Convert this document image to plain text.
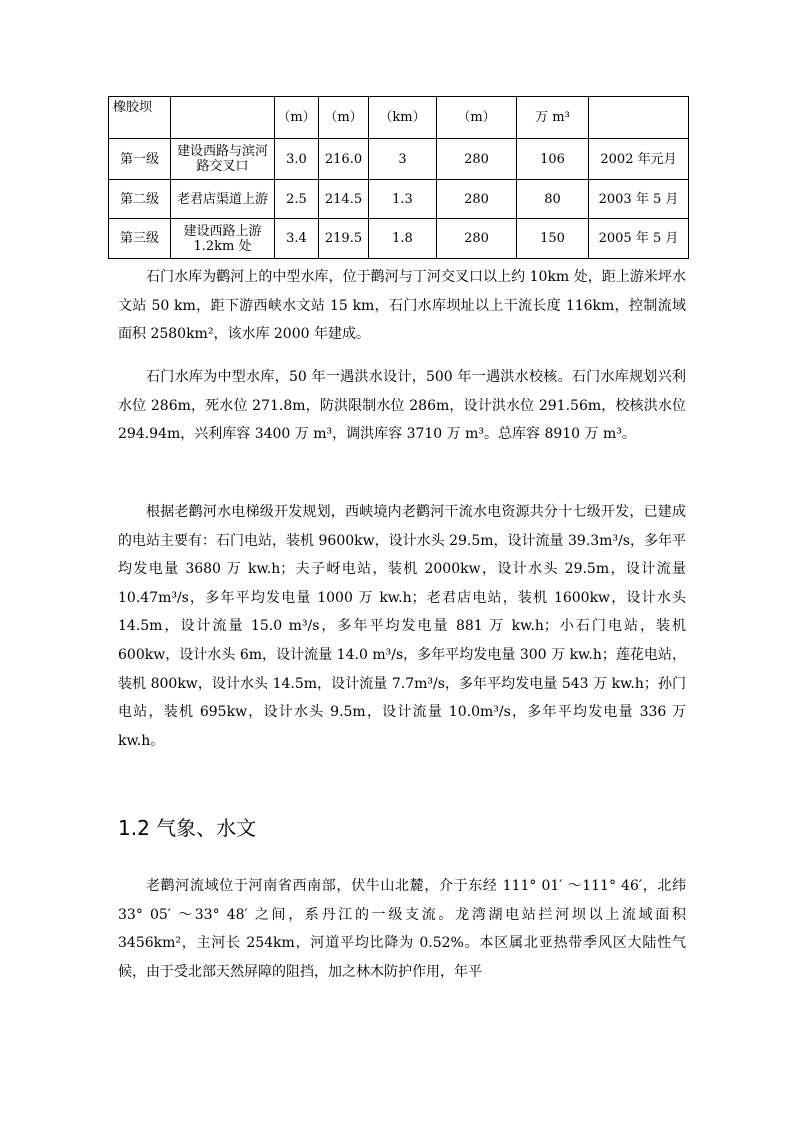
橡胶坝		（m）	（m）	（km）	（m）	万 m³	
第一级	建设西路与滨河路交叉口	3.0	216.0	3	280	106	2002 年元月
第二级	老君店渠道上游	2.5	214.5	1.3	280	80	2003 年 5 月
第三级	建设西路上游1.2km 处	3.4	219.5	1.8	280	150	2005 年 5 月

石门水库为鹳河上的中型水库，位于鹳河与丁河交叉口以上约 10km 处，距上游米坪水文站 50 km，距下游西峡水文站 15 km，石门水库坝址以上干流长度 116km，控制流域面积 2580km²，该水库 2000 年建成。

石门水库为中型水库，50 年一遇洪水设计，500 年一遇洪水校核。石门水库规划兴利水位 286m，死水位 271.8m，防洪限制水位 286m，设计洪水位 291.56m，校核洪水位 294.94m，兴利库容 3400 万 m³，调洪库容 3710 万 m³。总库容 8910 万 m³。

根据老鹳河水电梯级开发规划，西峡境内老鹳河干流水电资源共分十七级开发，已建成的电站主要有：石门电站，装机 9600kw，设计水头 29.5m，设计流量 39.3m³/s，多年平均发电量 3680 万 kw.h；夫子岈电站，装机 2000kw，设计水头 29.5m，设计流量 10.47m³/s，多年平均发电量 1000 万 kw.h；老君店电站，装机 1600kw，设计水头 14.5m，设计流量 15.0 m³/s，多年平均发电量 881 万 kw.h；小石门电站，装机 600kw，设计水头 6m，设计流量 14.0 m³/s，多年平均发电量 300 万 kw.h；莲花电站，装机 800kw，设计水头 14.5m，设计流量 7.7m³/s，多年平均发电量 543 万 kw.h；孙门电站，装机 695kw，设计水头 9.5m，设计流量 10.0m³/s，多年平均发电量 336 万 kw.h。

1.2 气象、水文

老鹳河流域位于河南省西南部，伏牛山北麓，介于东经 111° 01′ ～111° 46′，北纬 33° 05′ ～33° 48′ 之间，系丹江的一级支流。龙湾湖电站拦河坝以上流域面积 3456km²，主河长 254km，河道平均比降为 0.52%。本区属北亚热带季风区大陆性气候，由于受北部天然屏障的阻挡，加之林木防护作用，年平
